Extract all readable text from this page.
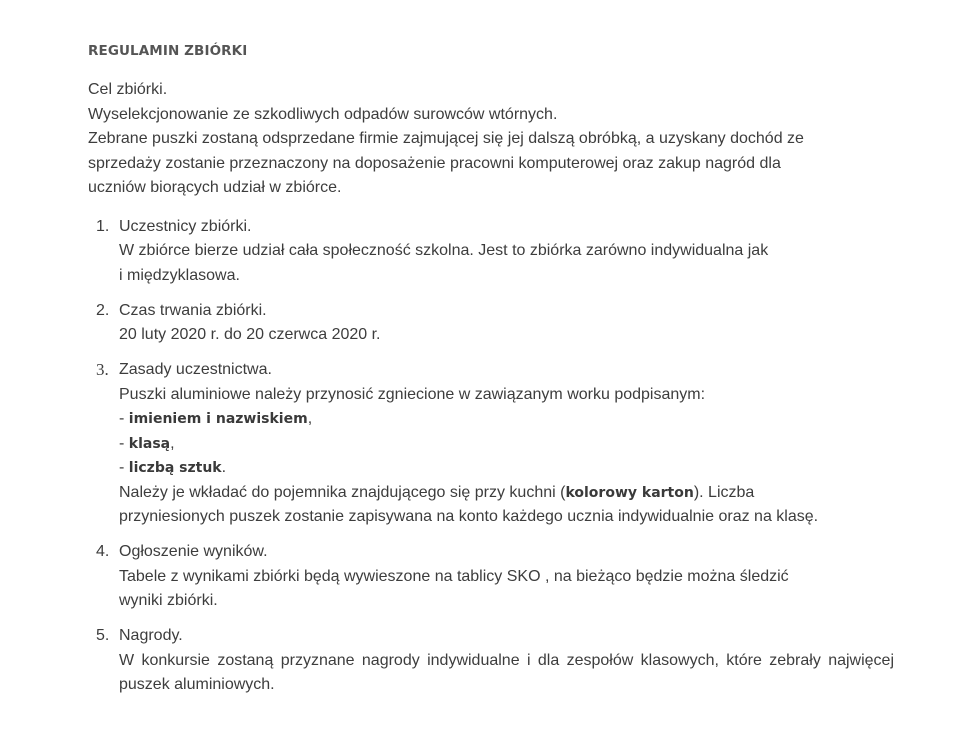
REGULAMIN ZBIÓRKI
Cel zbiórki.
Wyselekcjonowanie ze szkodliwych odpadów surowców wtórnych.
Zebrane puszki zostaną odsprzedane firmie zajmującej się jej dalszą obróbką, a uzyskany dochód ze
sprzedaży zostanie przeznaczony na doposażenie pracowni komputerowej oraz zakup nagród dla
uczniów biorących udział w zbiórce.
1. Uczestnicy zbiórki.
W zbiórce bierze udział cała społeczność szkolna. Jest to zbiórka zarówno indywidualna jak
i międzyklasowa.
2. Czas trwania zbiórki.
20 luty 2020 r. do 20 czerwca 2020 r.
3. Zasady uczestnictwa.
Puszki aluminiowe należy przynosić zgniecione w zawiązanym worku podpisanym:
- imieniem i nazwiskiem,
- klasą,
- liczbą sztuk.
Należy je wkładać do pojemnika znajdującego się przy kuchni (kolorowy karton). Liczba
przyniesionych puszek zostanie zapisywana na konto każdego ucznia indywidualnie oraz na klasę.
4. Ogłoszenie wyników.
Tabele z wynikami zbiórki będą wywieszone na tablicy SKO , na bieżąco będzie można śledzić
wyniki zbiórki.
5. Nagrody.
W konkursie zostaną przyznane nagrody indywidualne i dla zespołów klasowych, które zebrały najwięcej puszek aluminiowych.
